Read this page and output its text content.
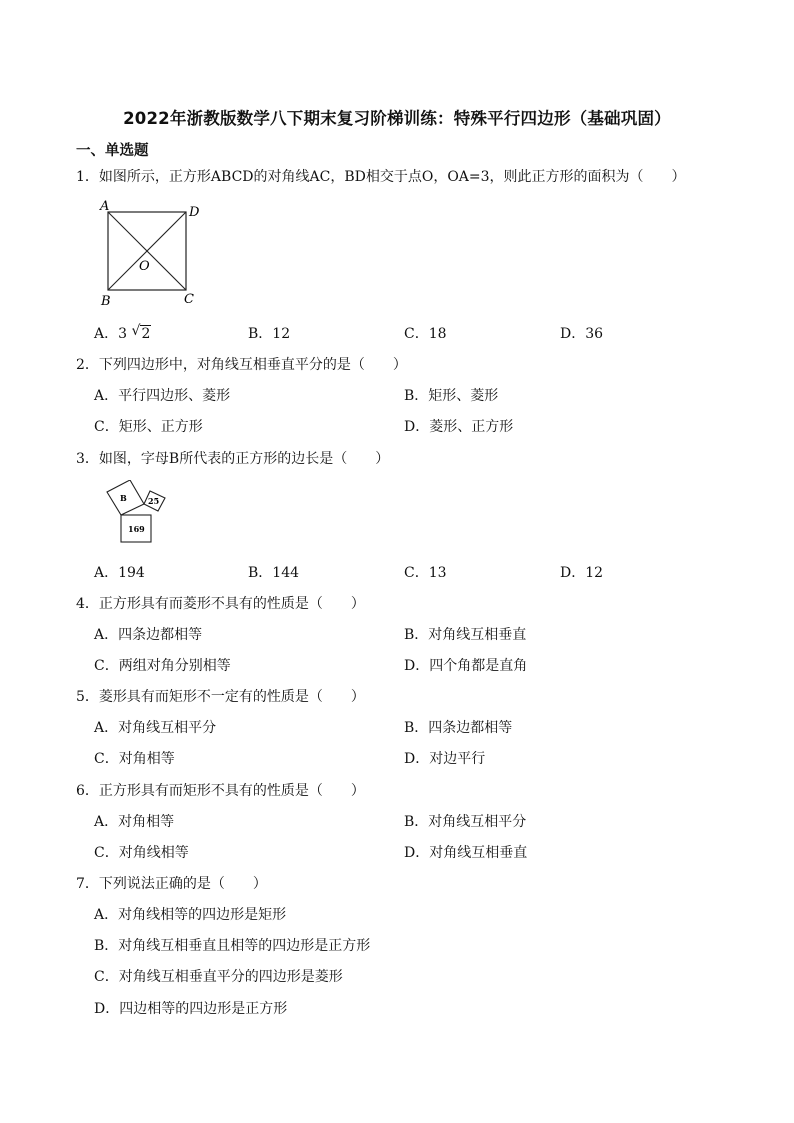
2022年浙教版数学八下期末复习阶梯训练：特殊平行四边形（基础巩固）
一、单选题
1．如图所示，正方形ABCD的对角线AC，BD相交于点O，OA=3，则此正方形的面积为（　　）
A	D
O
B	C
A．3 √ 2	B．12	C．18	D．36
2．下列四边形中，对角线互相垂直平分的是（　　）
A．平行四边形、菱形	B．矩形、菱形
C．矩形、正方形	D．菱形、正方形
3．如图，字母B所代表的正方形的边长是（　　）
B	25
169
A．194	B．144	C．13	D．12
4．正方形具有而菱形不具有的性质是（　　）
A．四条边都相等	B．对角线互相垂直
C．两组对角分别相等	D．四个角都是直角
5．菱形具有而矩形不一定有的性质是（　　）
A．对角线互相平分	B．四条边都相等
C．对角相等	D．对边平行
6．正方形具有而矩形不具有的性质是（　　）
A．对角相等	B．对角线互相平分
C．对角线相等	D．对角线互相垂直
7．下列说法正确的是（　　）
A．对角线相等的四边形是矩形
B．对角线互相垂直且相等的四边形是正方形
C．对角线互相垂直平分的四边形是菱形
D．四边相等的四边形是正方形
